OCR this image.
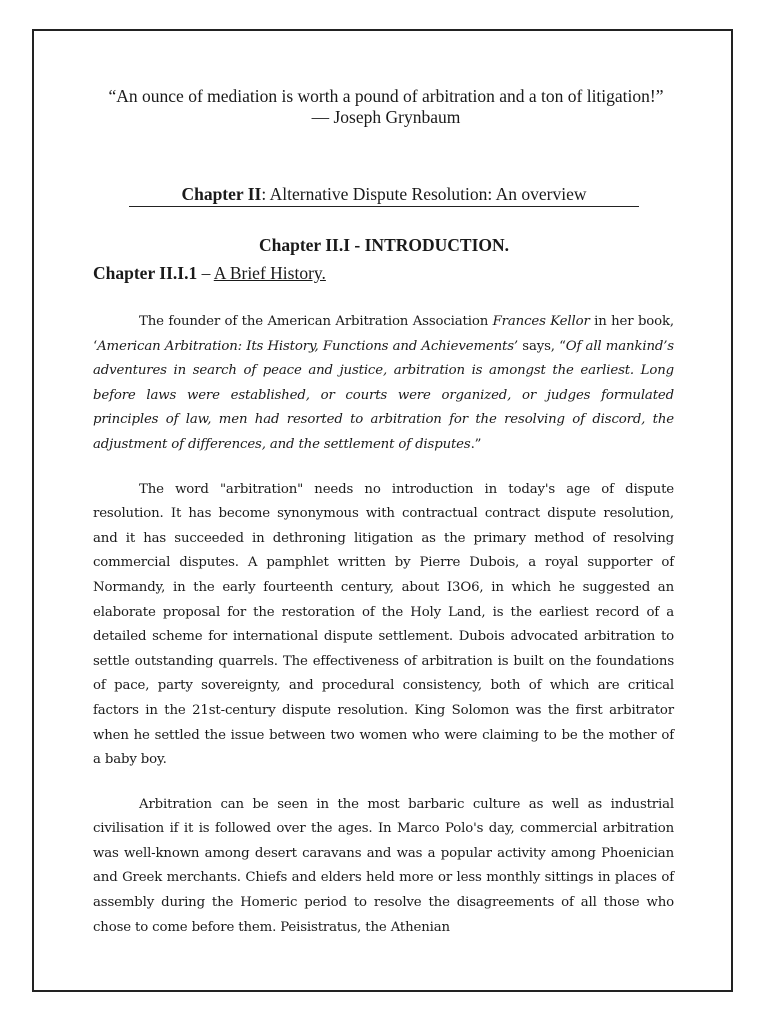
“An ounce of mediation is worth a pound of arbitration and a ton of litigation!”
— Joseph Grynbaum
Chapter II: Alternative Dispute Resolution: An overview
Chapter II.I - INTRODUCTION.
Chapter II.I.1 – A Brief History.

The founder of the American Arbitration Association Frances Kellor in her book, ‘American Arbitration: Its History, Functions and Achievements’ says, “Of all mankind’s adventures in search of peace and justice, arbitration is amongst the earliest. Long before laws were established, or courts were organized, or judges formulated principles of law, men had resorted to arbitration for the resolving of discord, the adjustment of differences, and the settlement of disputes.”

The word "arbitration" needs no introduction in today's age of dispute resolution. It has become synonymous with contractual contract dispute resolution, and it has succeeded in dethroning litigation as the primary method of resolving commercial disputes. A pamphlet written by Pierre Dubois, a royal supporter of Normandy, in the early fourteenth century, about I3O6, in which he suggested an elaborate proposal for the restoration of the Holy Land, is the earliest record of a detailed scheme for international dispute settlement. Dubois advocated arbitration to settle outstanding quarrels. The effectiveness of arbitration is built on the foundations of pace, party sovereignty, and procedural consistency, both of which are critical factors in the 21st-century dispute resolution. King Solomon was the first arbitrator when he settled the issue between two women who were claiming to be the mother of a baby boy.

Arbitration can be seen in the most barbaric culture as well as industrial civilisation if it is followed over the ages. In Marco Polo's day, commercial arbitration was well-known among desert caravans and was a popular activity among Phoenician and Greek merchants. Chiefs and elders held more or less monthly sittings in places of assembly during the Homeric period to resolve the disagreements of all those who chose to come before them. Peisistratus, the Athenian
